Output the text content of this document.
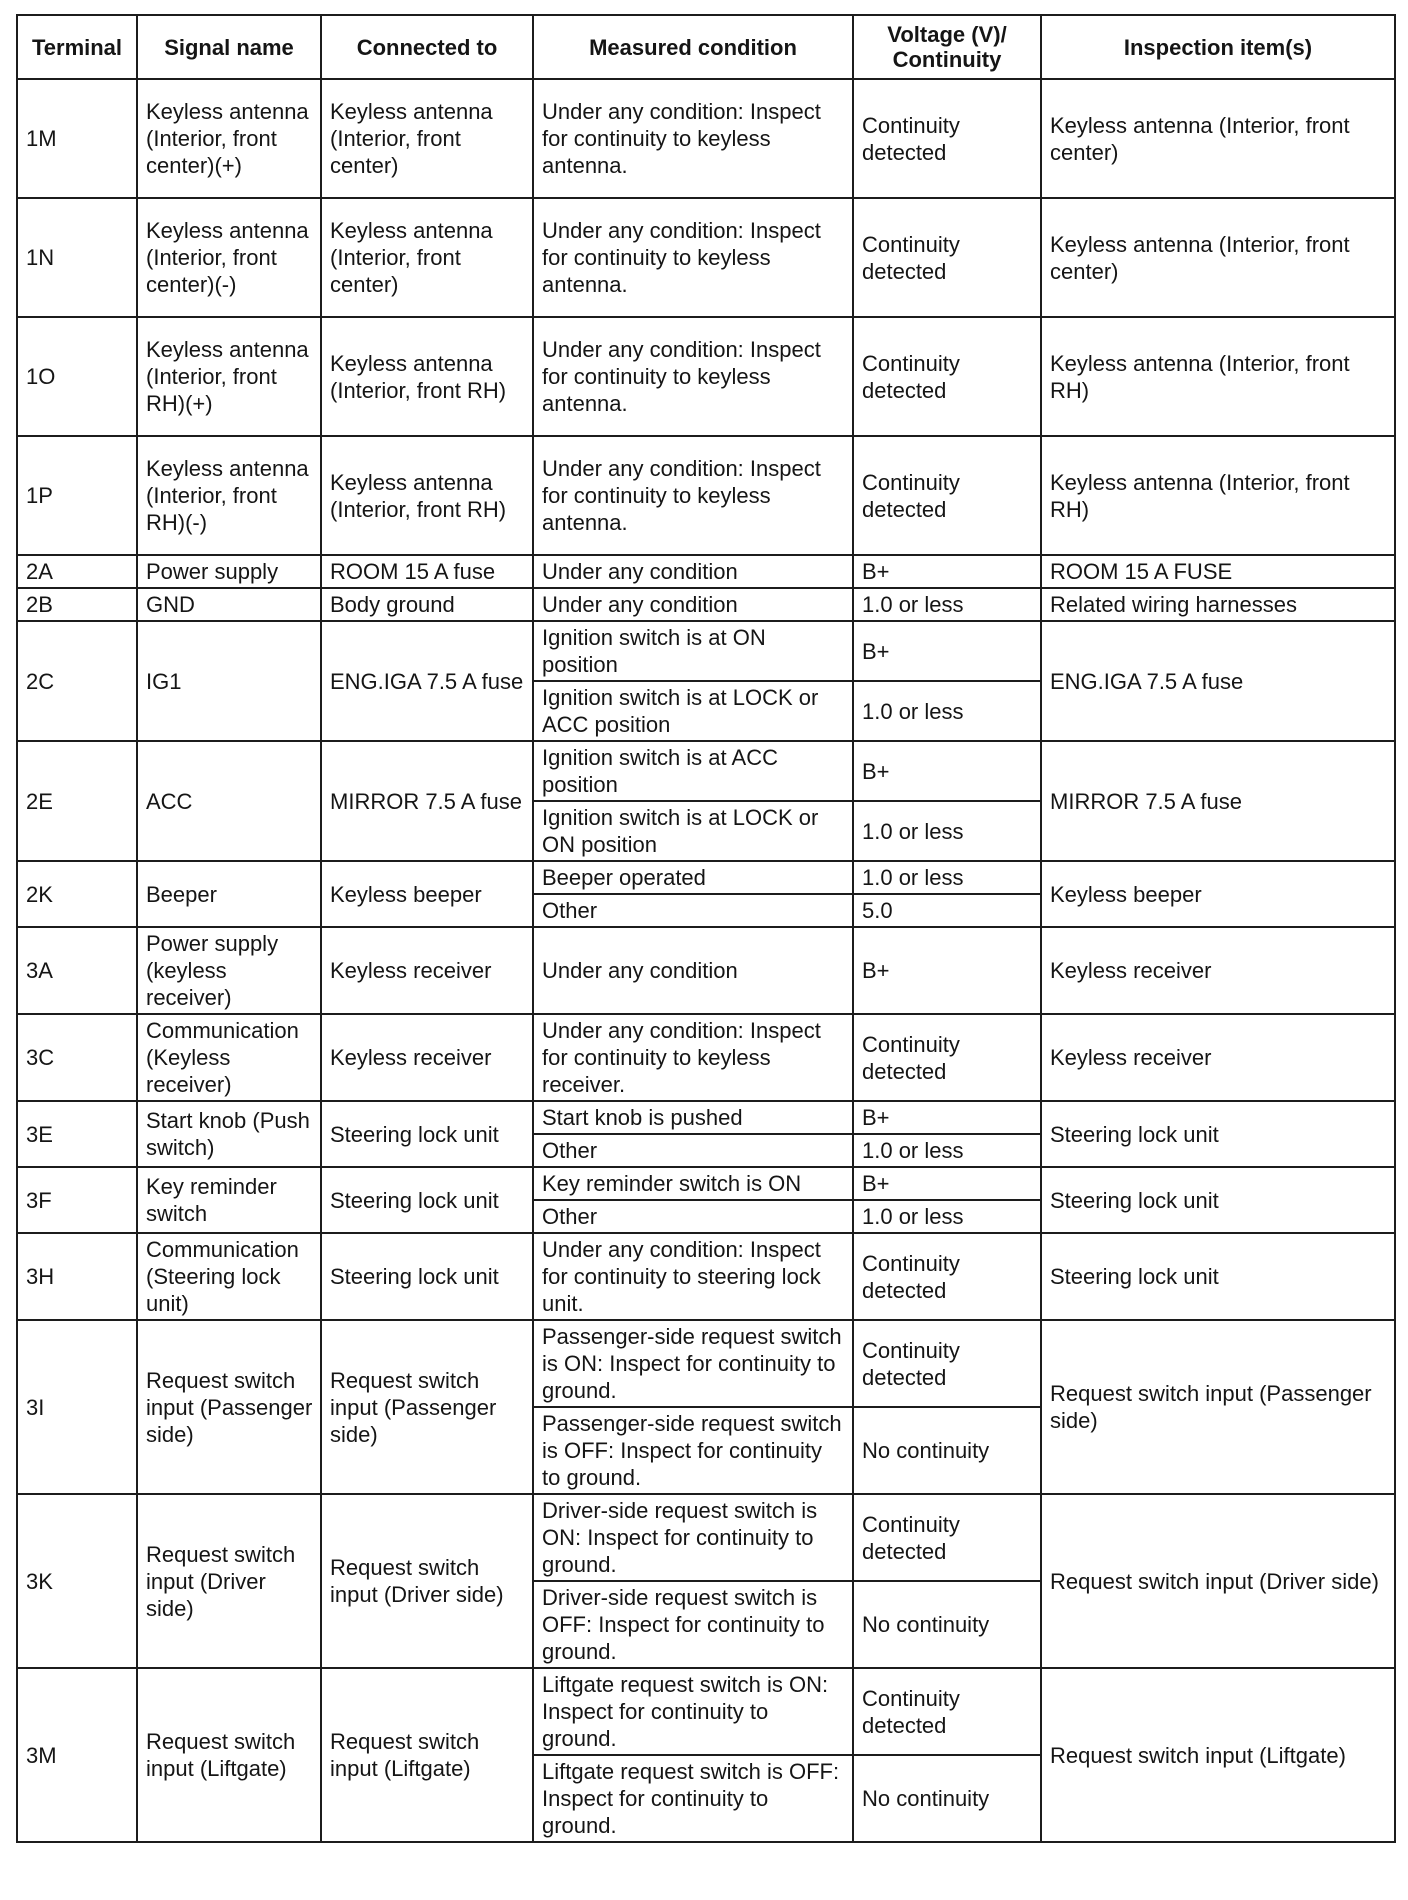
Terminal	Signal name	Connected to	Measured condition	Voltage (V)/ Continuity	Inspection item(s)
1M	Keyless antenna (Interior, front center)(+)	Keyless antenna (Interior, front center)	Under any condition: Inspect for continuity to keyless antenna.	Continuity detected	Keyless antenna (Interior, front center)
1N	Keyless antenna (Interior, front center)(-)	Keyless antenna (Interior, front center)	Under any condition: Inspect for continuity to keyless antenna.	Continuity detected	Keyless antenna (Interior, front center)
1O	Keyless antenna (Interior, front RH)(+)	Keyless antenna (Interior, front RH)	Under any condition: Inspect for continuity to keyless antenna.	Continuity detected	Keyless antenna (Interior, front RH)
1P	Keyless antenna (Interior, front RH)(-)	Keyless antenna (Interior, front RH)	Under any condition: Inspect for continuity to keyless antenna.	Continuity detected	Keyless antenna (Interior, front RH)
2A	Power supply	ROOM 15 A fuse	Under any condition	B+	ROOM 15 A FUSE
2B	GND	Body ground	Under any condition	1.0 or less	Related wiring harnesses
2C	IG1	ENG.IGA 7.5 A fuse	Ignition switch is at ON position	B+	ENG.IGA 7.5 A fuse
			Ignition switch is at LOCK or ACC position	1.0 or less	
2E	ACC	MIRROR 7.5 A fuse	Ignition switch is at ACC position	B+	MIRROR 7.5 A fuse
			Ignition switch is at LOCK or ON position	1.0 or less	
2K	Beeper	Keyless beeper	Beeper operated	1.0 or less	Keyless beeper
			Other	5.0	
3A	Power supply (keyless receiver)	Keyless receiver	Under any condition	B+	Keyless receiver
3C	Communication (Keyless receiver)	Keyless receiver	Under any condition: Inspect for continuity to keyless receiver.	Continuity detected	Keyless receiver
3E	Start knob (Push switch)	Steering lock unit	Start knob is pushed	B+	Steering lock unit
			Other	1.0 or less	
3F	Key reminder switch	Steering lock unit	Key reminder switch is ON	B+	Steering lock unit
			Other	1.0 or less	
3H	Communication (Steering lock unit)	Steering lock unit	Under any condition: Inspect for continuity to steering lock unit.	Continuity detected	Steering lock unit
3I	Request switch input (Passenger side)	Request switch input (Passenger side)	Passenger-side request switch is ON: Inspect for continuity to ground.	Continuity detected	Request switch input (Passenger side)
			Passenger-side request switch is OFF: Inspect for continuity to ground.	No continuity	
3K	Request switch input (Driver side)	Request switch input (Driver side)	Driver-side request switch is ON: Inspect for continuity to ground.	Continuity detected	Request switch input (Driver side)
			Driver-side request switch is OFF: Inspect for continuity to ground.	No continuity	
3M	Request switch input (Liftgate)	Request switch input (Liftgate)	Liftgate request switch is ON: Inspect for continuity to ground.	Continuity detected	Request switch input (Liftgate)
			Liftgate request switch is OFF: Inspect for continuity to ground.	No continuity	
